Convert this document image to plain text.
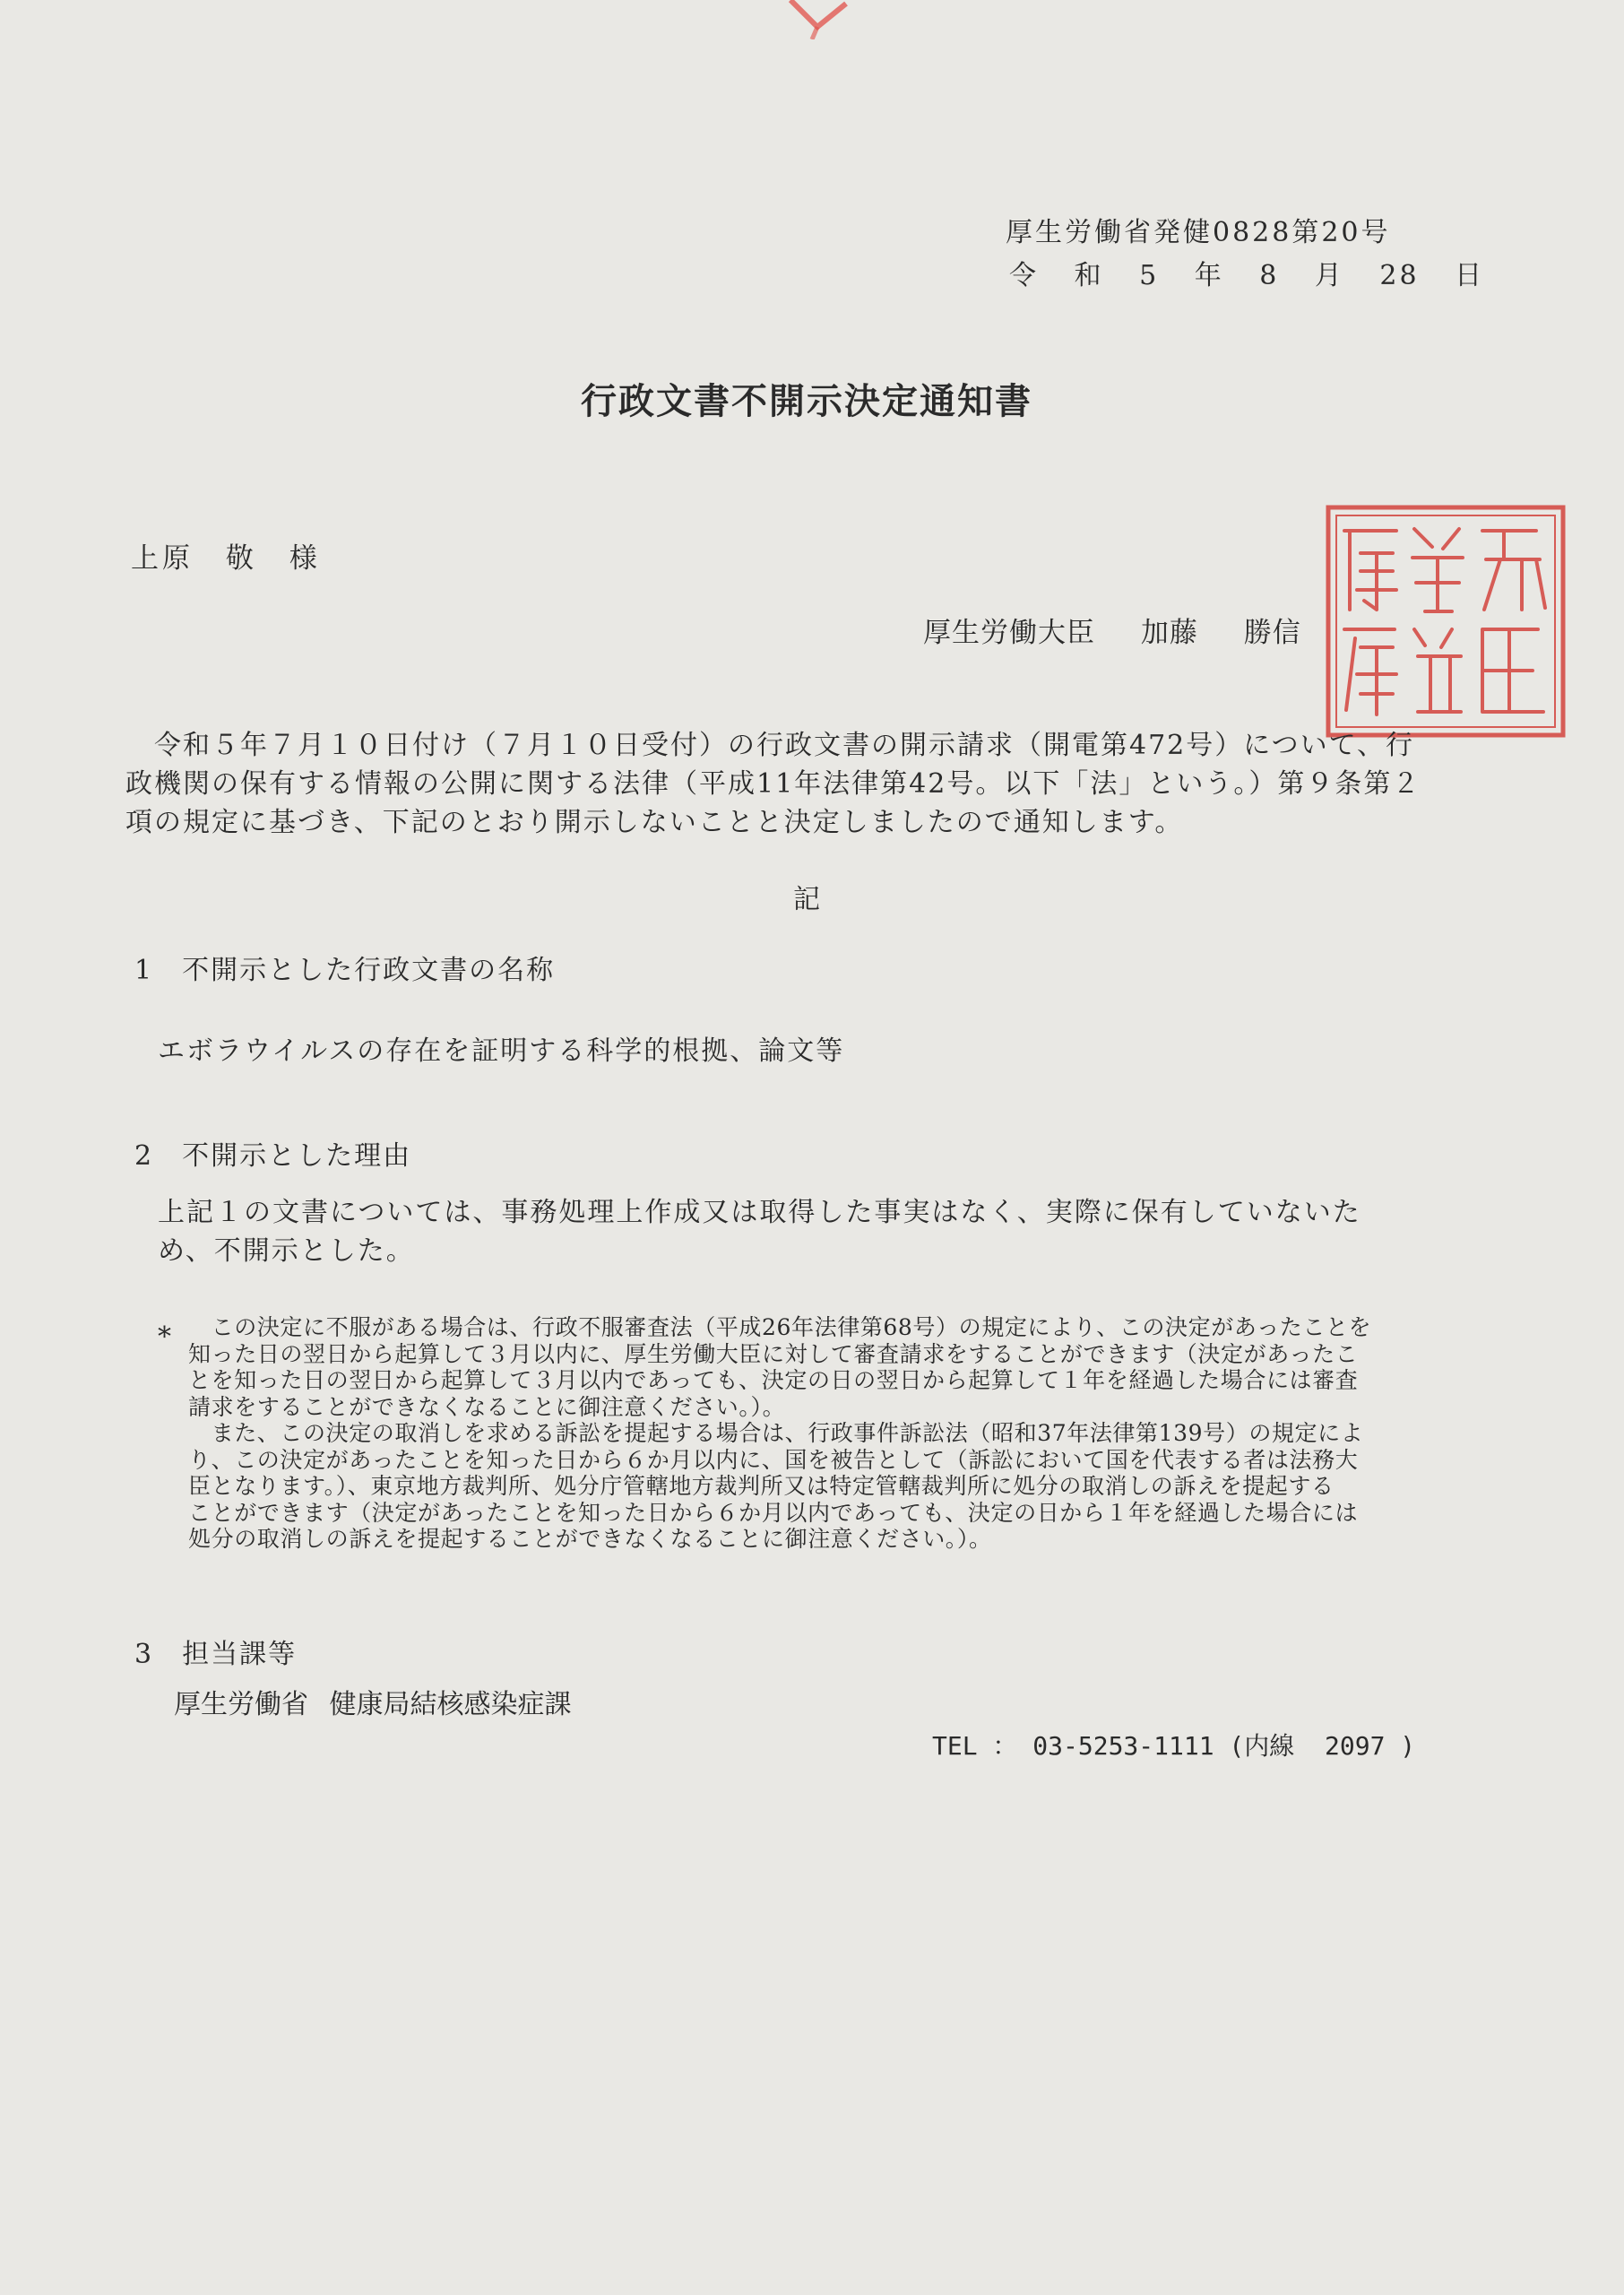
厚生労働省発健0828第20号
令 和 5 年 8 月 28 日
行政文書不開示決定通知書
上原 敬 様
厚生労働大臣 加藤 勝信
　令和５年７月１０日付け（７月１０日受付）の行政文書の開示請求（開電第472号）について、行
政機関の保有する情報の公開に関する法律（平成11年法律第42号。以下「法」という。）第９条第２
項の規定に基づき、下記のとおり開示しないことと決定しましたので通知します。
記
1 不開示とした行政文書の名称
エボラウイルスの存在を証明する科学的根拠、論文等
2 不開示とした理由
上記１の文書については、事務処理上作成又は取得した事実はなく、実際に保有していないた
め、不開示とした。
* 　この決定に不服がある場合は、行政不服審査法（平成26年法律第68号）の規定により、この決定があったことを
知った日の翌日から起算して３月以内に、厚生労働大臣に対して審査請求をすることができます（決定があったこ
とを知った日の翌日から起算して３月以内であっても、決定の日の翌日から起算して１年を経過した場合には審査
請求をすることができなくなることに御注意ください。）。
　また、この決定の取消しを求める訴訟を提起する場合は、行政事件訴訟法（昭和37年法律第139号）の規定によ
り、この決定があったことを知った日から６か月以内に、国を被告として（訴訟において国を代表する者は法務大
臣となります。）、東京地方裁判所、処分庁管轄地方裁判所又は特定管轄裁判所に処分の取消しの訴えを提起する
ことができます（決定があったことを知った日から６か月以内であっても、決定の日から１年を経過した場合には
処分の取消しの訴えを提起することができなくなることに御注意ください。）。
3 担当課等
厚生労働省 健康局結核感染症課
TEL ： 03-5253-1111 (内線  2097 )
